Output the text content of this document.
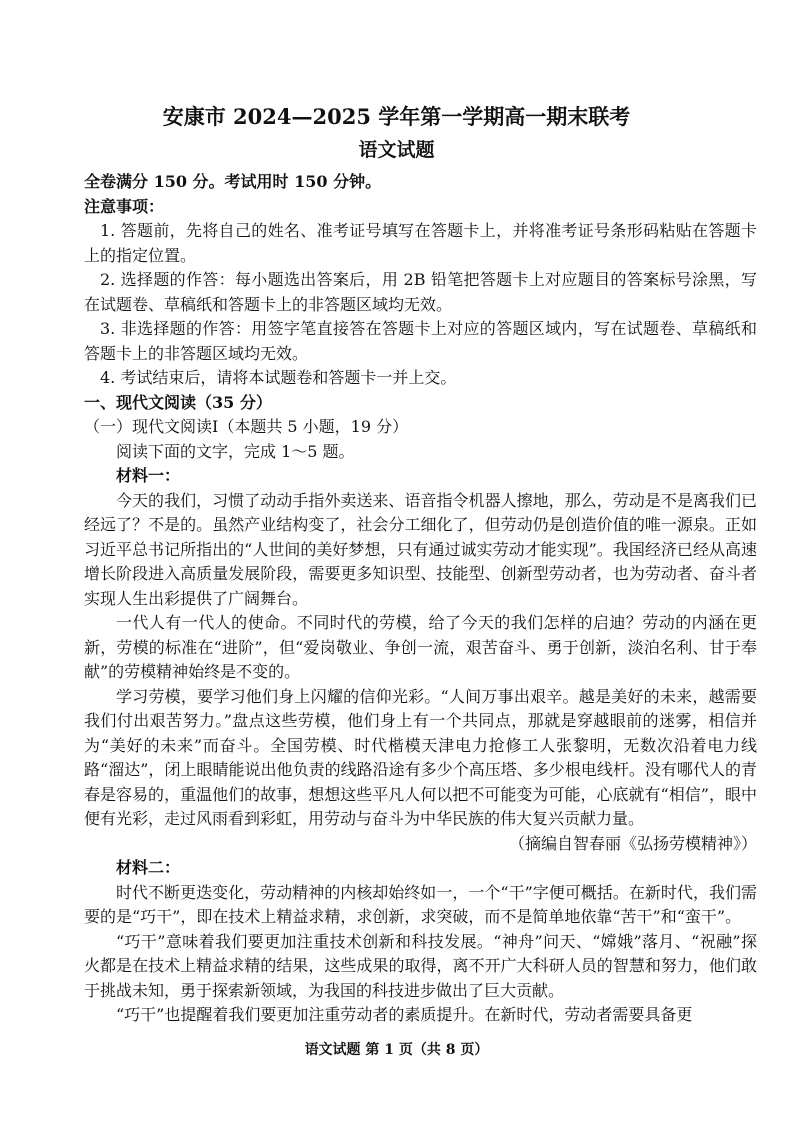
安康市 2024—2025 学年第一学期高一期末联考
语文试题

全卷满分 150 分。考试用时 150 分钟。

注意事项：

1. 答题前，先将自己的姓名、准考证号填写在答题卡上，并将准考证号条形码粘贴在答题卡上的指定位置。

2. 选择题的作答：每小题选出答案后，用 2B 铅笔把答题卡上对应题目的答案标号涂黑，写在试题卷、草稿纸和答题卡上的非答题区域均无效。

3. 非选择题的作答：用签字笔直接答在答题卡上对应的答题区域内，写在试题卷、草稿纸和答题卡上的非答题区域均无效。

4. 考试结束后，请将本试题卷和答题卡一并上交。

一、现代文阅读（35 分）

（一）现代文阅读Ⅰ（本题共 5 小题，19 分）

阅读下面的文字，完成 1～5 题。

材料一：

今天的我们，习惯了动动手指外卖送来、语音指令机器人擦地，那么，劳动是不是离我们已经远了？不是的。虽然产业结构变了，社会分工细化了，但劳动仍是创造价值的唯一源泉。正如习近平总书记所指出的“人世间的美好梦想，只有通过诚实劳动才能实现”。我国经济已经从高速增长阶段进入高质量发展阶段，需要更多知识型、技能型、创新型劳动者，也为劳动者、奋斗者实现人生出彩提供了广阔舞台。

一代人有一代人的使命。不同时代的劳模，给了今天的我们怎样的启迪？劳动的内涵在更新，劳模的标准在“进阶”，但“爱岗敬业、争创一流，艰苦奋斗、勇于创新，淡泊名利、甘于奉献”的劳模精神始终是不变的。

学习劳模，要学习他们身上闪耀的信仰光彩。“人间万事出艰辛。越是美好的未来，越需要我们付出艰苦努力。”盘点这些劳模，他们身上有一个共同点，那就是穿越眼前的迷雾，相信并为“美好的未来”而奋斗。全国劳模、时代楷模天津电力抢修工人张黎明，无数次沿着电力线路“溜达”，闭上眼睛能说出他负责的线路沿途有多少个高压塔、多少根电线杆。没有哪代人的青春是容易的，重温他们的故事，想想这些平凡人何以把不可能变为可能，心底就有“相信”，眼中便有光彩，走过风雨看到彩虹，用劳动与奋斗为中华民族的伟大复兴贡献力量。

（摘编自智春丽《弘扬劳模精神》）

材料二：

时代不断更迭变化，劳动精神的内核却始终如一，一个“干”字便可概括。在新时代，我们需要的是“巧干”，即在技术上精益求精，求创新，求突破，而不是简单地依靠“苦干”和“蛮干”。

“巧干”意味着我们要更加注重技术创新和科技发展。“神舟”问天、“嫦娥”落月、“祝融”探火都是在技术上精益求精的结果，这些成果的取得，离不开广大科研人员的智慧和努力，他们敢于挑战未知，勇于探索新领域，为我国的科技进步做出了巨大贡献。

“巧干”也提醒着我们要更加注重劳动者的素质提升。在新时代，劳动者需要具备更

语文试题 第 1 页（共 8 页）
